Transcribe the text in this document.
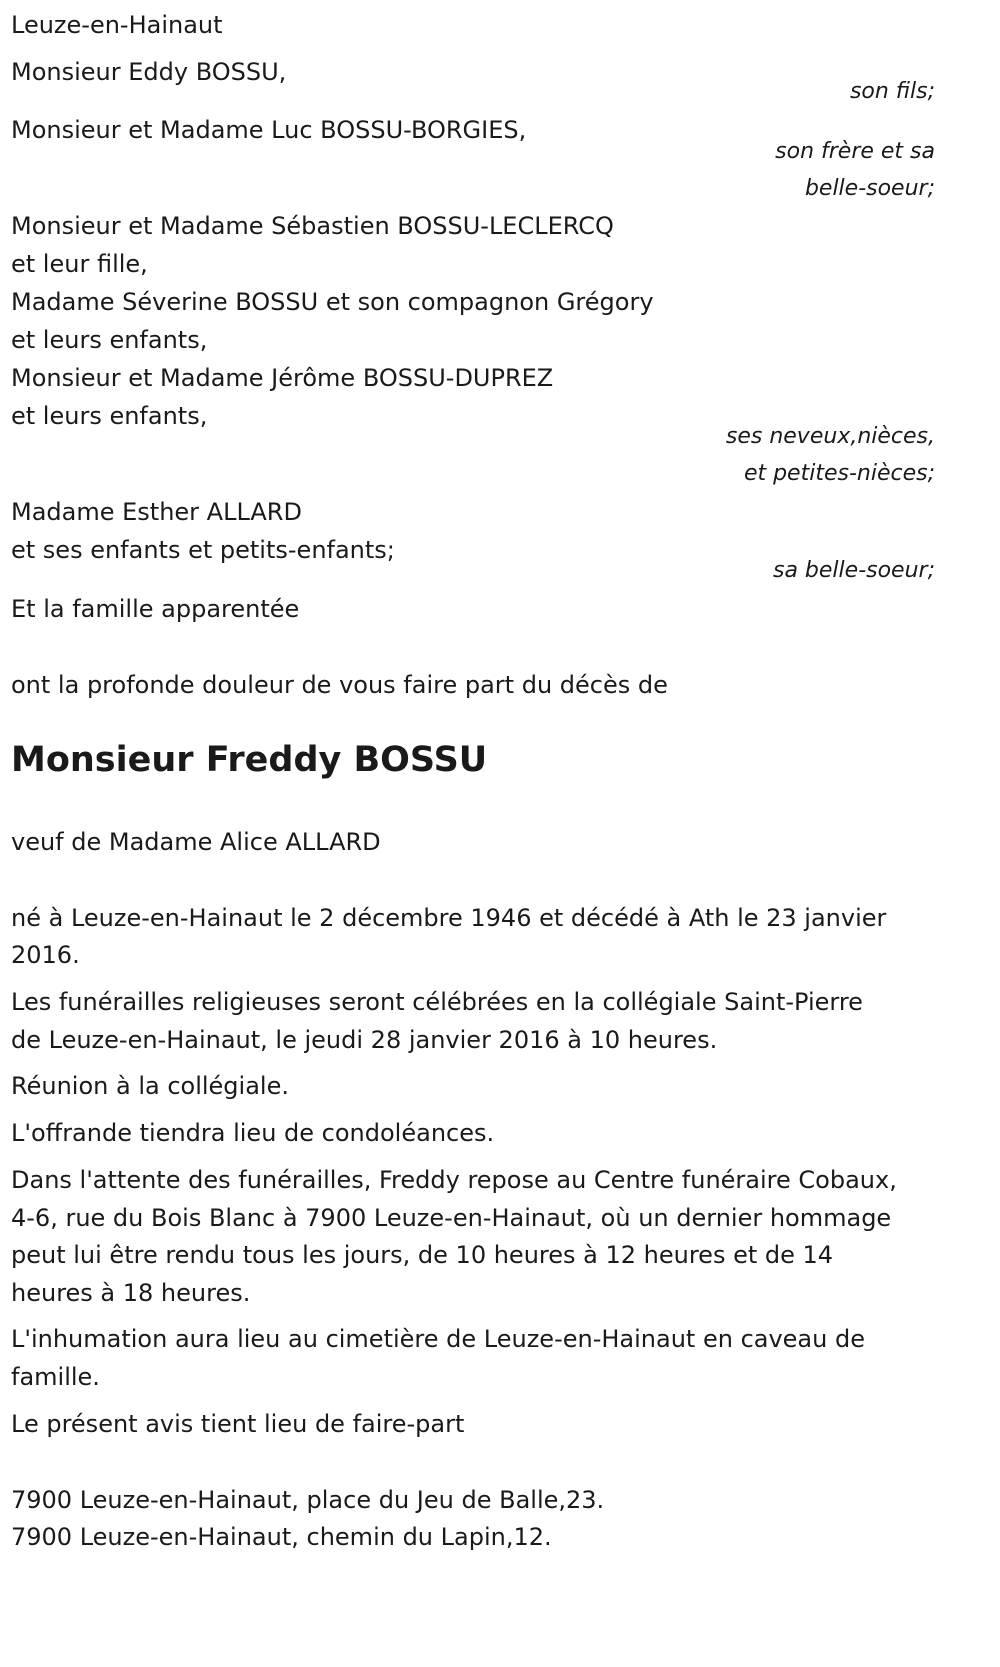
Leuze-en-Hainaut

Monsieur Eddy BOSSU,

son fils;

Monsieur et Madame Luc BOSSU-BORGIES,

son frère et sa

belle-soeur;

Monsieur et Madame Sébastien BOSSU-LECLERCQ

et leur fille,

Madame Séverine BOSSU et son compagnon Grégory

et leurs enfants,

Monsieur et Madame Jérôme BOSSU-DUPREZ

et leurs enfants,

ses neveux,nièces,

et petites-nièces;

Madame Esther ALLARD

et ses enfants et petits-enfants;

sa belle-soeur;

Et la famille apparentée

ont la profonde douleur de vous faire part du décès de

Monsieur Freddy BOSSU

veuf de Madame Alice ALLARD

né à Leuze-en-Hainaut le 2 décembre 1946 et décédé à Ath le 23 janvier

2016.

Les funérailles religieuses seront célébrées en la collégiale Saint-Pierre

de Leuze-en-Hainaut, le jeudi 28 janvier 2016 à 10 heures.

Réunion à la collégiale.

L'offrande tiendra lieu de condoléances.

Dans l'attente des funérailles, Freddy repose au Centre funéraire Cobaux,

4-6, rue du Bois Blanc à 7900 Leuze-en-Hainaut, où un dernier hommage

peut lui être rendu tous les jours, de 10 heures à 12 heures et de 14

heures à 18 heures.

L'inhumation aura lieu au cimetière de Leuze-en-Hainaut en caveau de

famille.

Le présent avis tient lieu de faire-part

7900 Leuze-en-Hainaut, place du Jeu de Balle,23.

7900 Leuze-en-Hainaut, chemin du Lapin,12.
